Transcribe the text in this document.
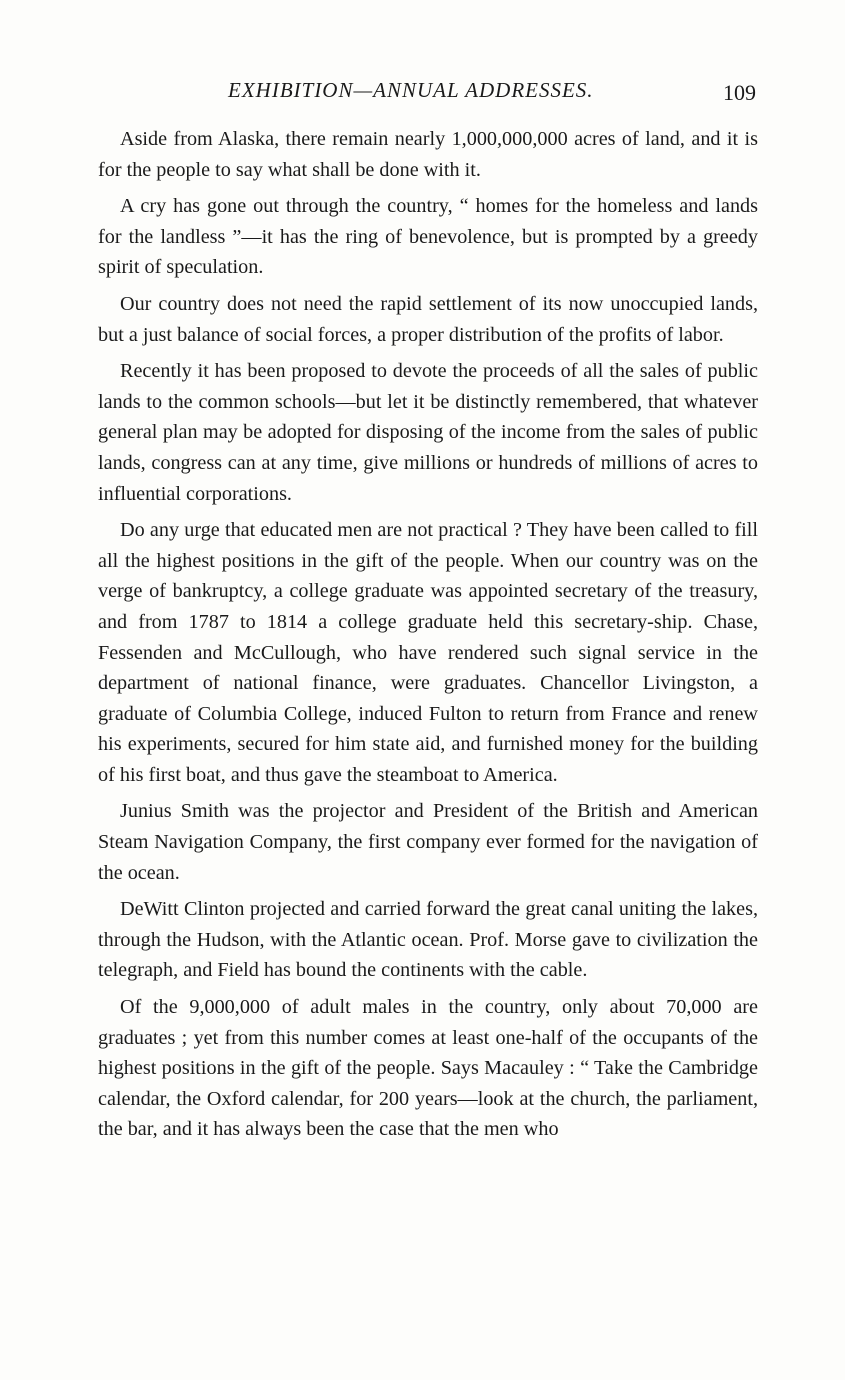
EXHIBITION—ANNUAL ADDRESSES.	109

Aside from Alaska, there remain nearly 1,000,000,000 acres of land, and it is for the people to say what shall be done with it.

A cry has gone out through the country, “ homes for the homeless and lands for the landless ”—it has the ring of benevolence, but is prompted by a greedy spirit of speculation.

Our country does not need the rapid settlement of its now unoccupied lands, but a just balance of social forces, a proper distribution of the profits of labor.

Recently it has been proposed to devote the proceeds of all the sales of public lands to the common schools—but let it be distinctly remembered, that whatever general plan may be adopted for disposing of the income from the sales of public lands, congress can at any time, give millions or hundreds of millions of acres to influential corporations.

Do any urge that educated men are not practical ? They have been called to fill all the highest positions in the gift of the people. When our country was on the verge of bankruptcy, a college graduate was appointed secretary of the treasury, and from 1787 to 1814 a college graduate held this secretary-ship. Chase, Fessenden and McCullough, who have rendered such signal service in the department of national finance, were graduates. Chancellor Livingston, a graduate of Columbia College, induced Fulton to return from France and renew his experiments, secured for him state aid, and furnished money for the building of his first boat, and thus gave the steamboat to America.

Junius Smith was the projector and President of the British and American Steam Navigation Company, the first company ever formed for the navigation of the ocean.

DeWitt Clinton projected and carried forward the great canal uniting the lakes, through the Hudson, with the Atlantic ocean. Prof. Morse gave to civilization the telegraph, and Field has bound the continents with the cable.

Of the 9,000,000 of adult males in the country, only about 70,000 are graduates ; yet from this number comes at least one-half of the occupants of the highest positions in the gift of the people. Says Macauley : “ Take the Cambridge calendar, the Oxford calendar, for 200 years—look at the church, the parliament, the bar, and it has always been the case that the men who
